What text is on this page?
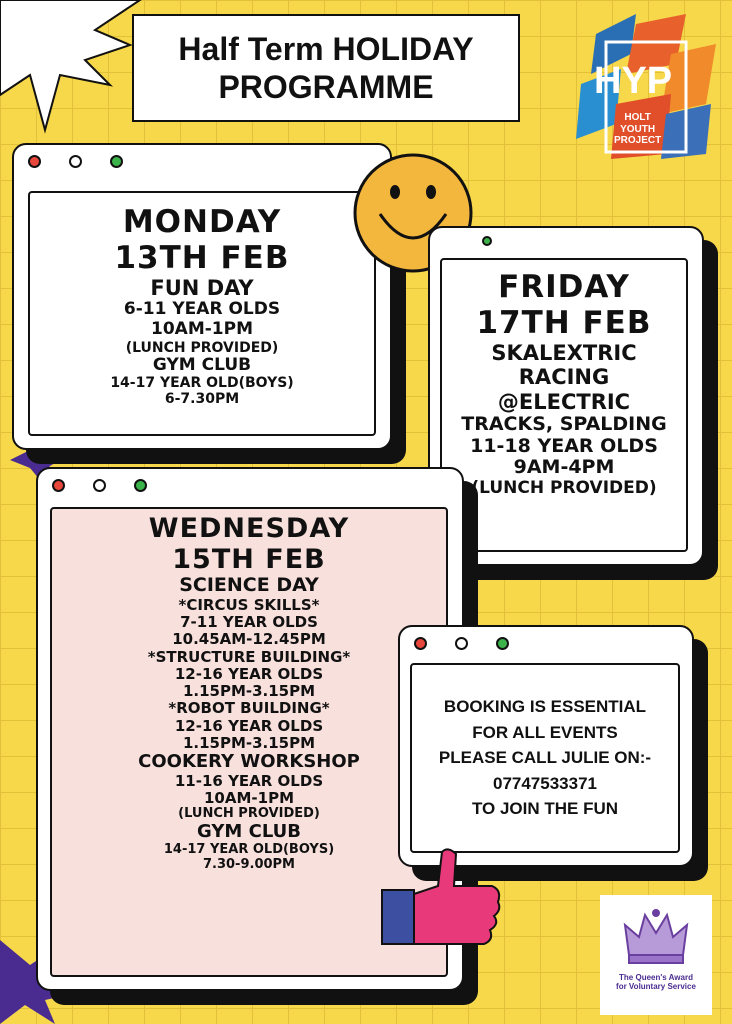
Half Term HOLIDAY
PROGRAMME	HYP
HOLT
YOUTH
PROJECT
MONDAY
13TH FEB
FUN DAY
6-11 YEAR OLDS
10AM-1PM
(LUNCH PROVIDED)
GYM CLUB
14-17 YEAR OLD(BOYS)
6-7.30PM
FRIDAY
17TH FEB
SKALEXTRIC
RACING
@ELECTRIC
TRACKS, SPALDING
11-18 YEAR OLDS
9AM-4PM
(LUNCH PROVIDED)
WEDNESDAY
15TH FEB
SCIENCE DAY
*CIRCUS SKILLS*
7-11 YEAR OLDS
10.45AM-12.45PM
*STRUCTURE BUILDING*
12-16 YEAR OLDS
1.15PM-3.15PM
*ROBOT BUILDING*
12-16 YEAR OLDS
1.15PM-3.15PM
COOKERY WORKSHOP
11-16 YEAR OLDS
10AM-1PM
(LUNCH PROVIDED)
GYM CLUB
14-17 YEAR OLD(BOYS)
7.30-9.00PM
BOOKING IS ESSENTIAL
FOR ALL EVENTS
PLEASE CALL JULIE ON:-
07747533371
TO JOIN THE FUN
The Queen's Award
for Voluntary Service
